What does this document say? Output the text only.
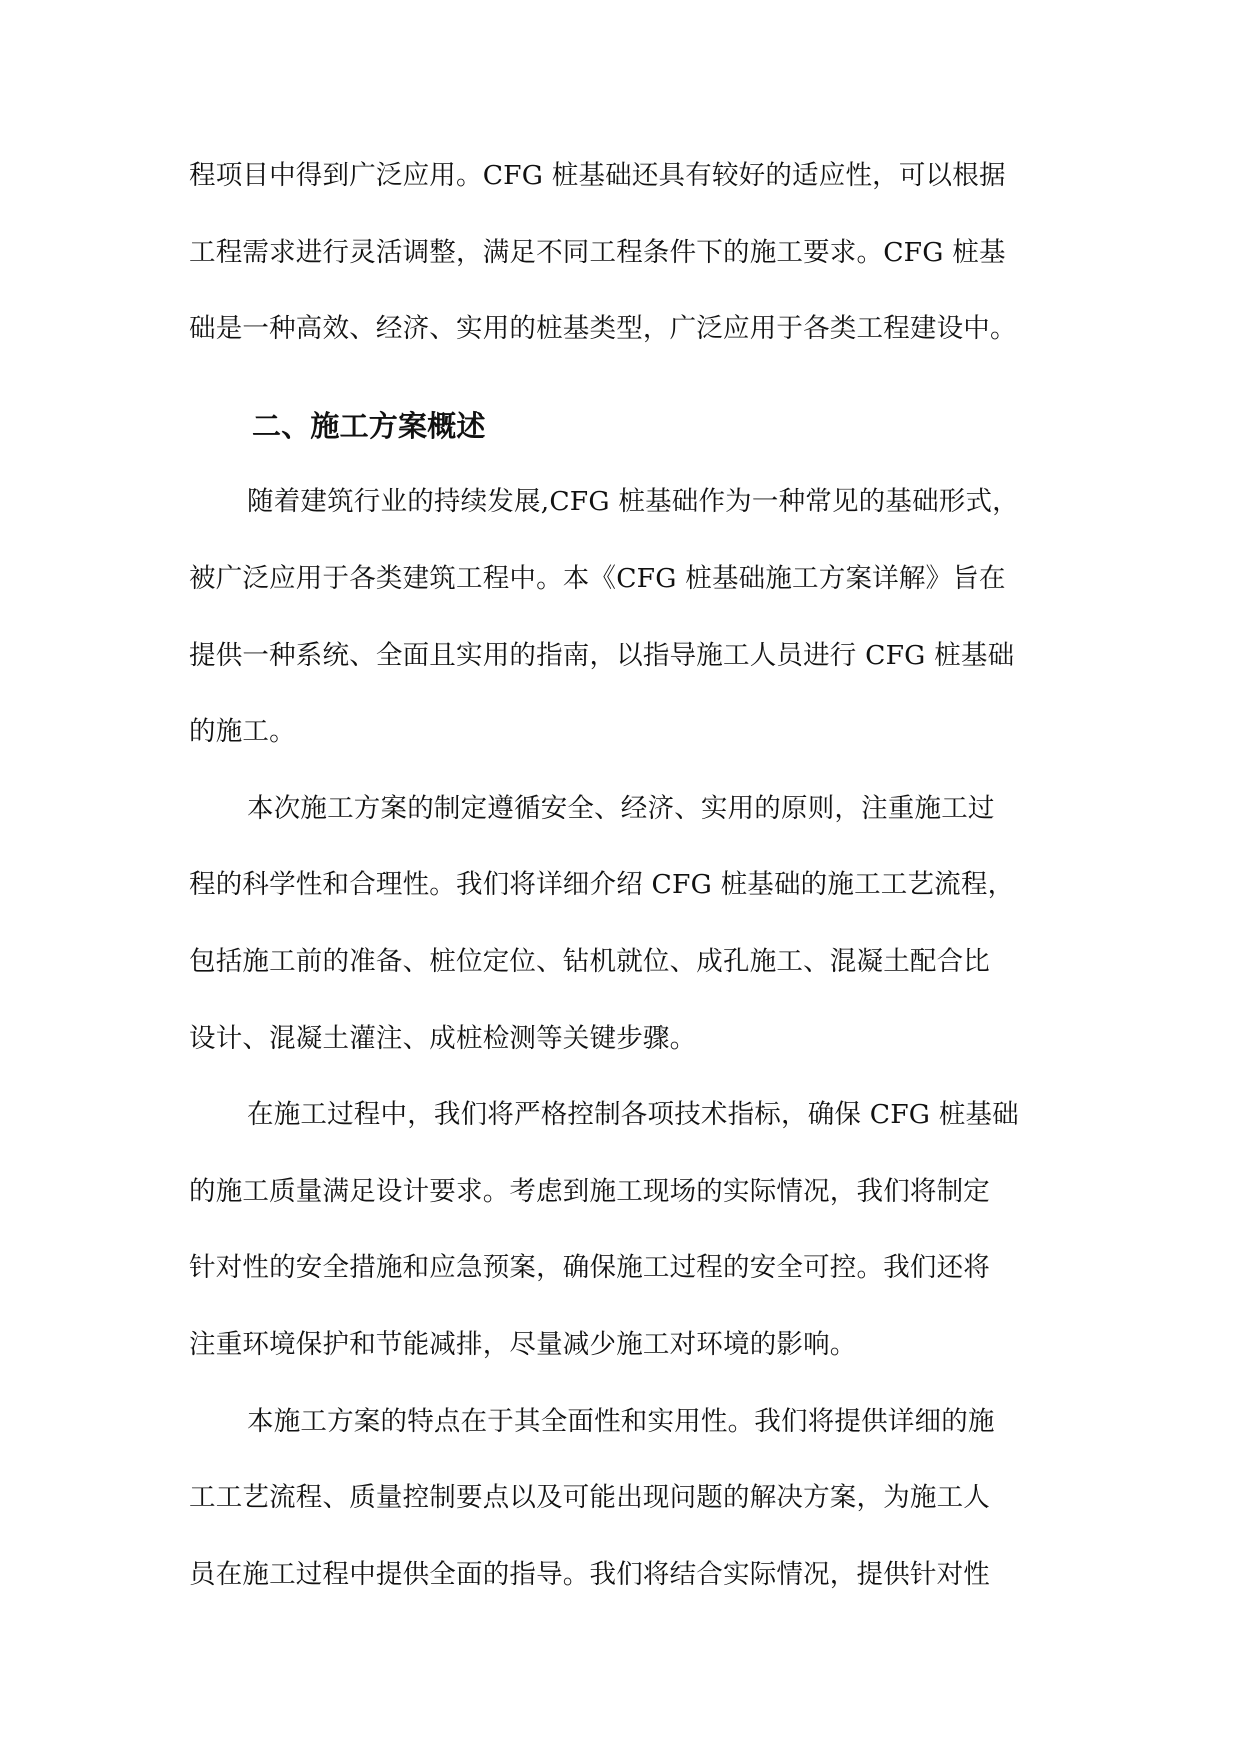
程项目中得到广泛应用。CFG 桩基础还具有较好的适应性，可以根据
工程需求进行灵活调整，满足不同工程条件下的施工要求。CFG 桩基
础是一种高效、经济、实用的桩基类型，广泛应用于各类工程建设中。
二、施工方案概述
随着建筑行业的持续发展,CFG 桩基础作为一种常见的基础形式，
被广泛应用于各类建筑工程中。本《CFG 桩基础施工方案详解》旨在
提供一种系统、全面且实用的指南，以指导施工人员进行 CFG 桩基础
的施工。
本次施工方案的制定遵循安全、经济、实用的原则，注重施工过
程的科学性和合理性。我们将详细介绍 CFG 桩基础的施工工艺流程，
包括施工前的准备、桩位定位、钻机就位、成孔施工、混凝土配合比
设计、混凝土灌注、成桩检测等关键步骤。
在施工过程中，我们将严格控制各项技术指标，确保 CFG 桩基础
的施工质量满足设计要求。考虑到施工现场的实际情况，我们将制定
针对性的安全措施和应急预案，确保施工过程的安全可控。我们还将
注重环境保护和节能减排，尽量减少施工对环境的影响。
本施工方案的特点在于其全面性和实用性。我们将提供详细的施
工工艺流程、质量控制要点以及可能出现问题的解决方案，为施工人
员在施工过程中提供全面的指导。我们将结合实际情况，提供针对性
